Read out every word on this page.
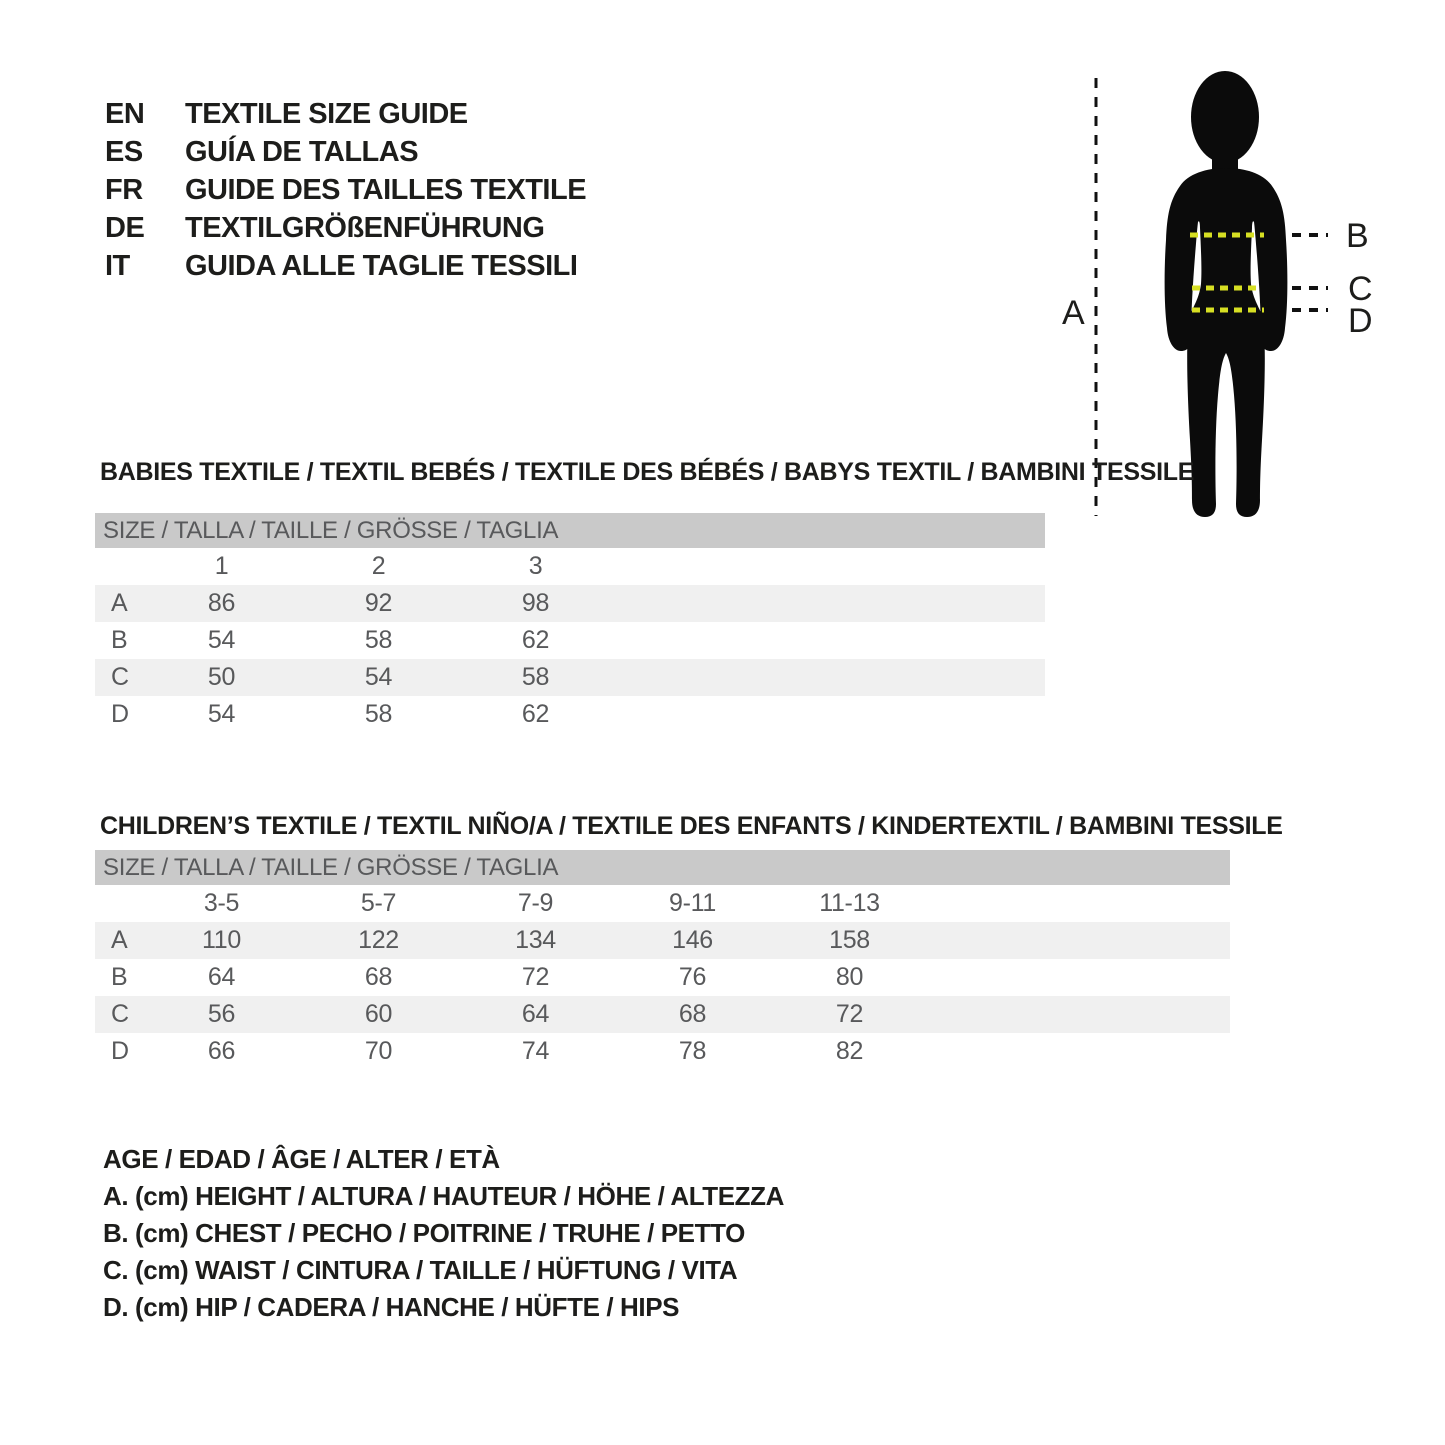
EN	TEXTILE SIZE GUIDE
ES	GUÍA DE TALLAS
FR	GUIDE DES TAILLES TEXTILE
DE	TEXTILGRÖßENFÜHRUNG
IT	GUIDA ALLE TAGLIE TESSILI
A
B
C
D
BABIES TEXTILE / TEXTIL BEBÉS / TEXTILE DES BÉBÉS / BABYS TEXTIL / BAMBINI TESSILE
SIZE / TALLA / TAILLE / GRÖSSE / TAGLIA
1	2	3
A	86	92	98
B	54	58	62
C	50	54	58
D	54	58	62
CHILDREN’S TEXTILE / TEXTIL NIÑO/A / TEXTILE DES ENFANTS / KINDERTEXTIL / BAMBINI TESSILE
SIZE / TALLA / TAILLE / GRÖSSE / TAGLIA
3-5	5-7	7-9	9-11	11-13
A	110	122	134	146	158
B	64	68	72	76	80
C	56	60	64	68	72
D	66	70	74	78	82
AGE / EDAD / ÂGE / ALTER / ETÀ
A. (cm) HEIGHT / ALTURA / HAUTEUR / HÖHE / ALTEZZA
B. (cm) CHEST / PECHO / POITRINE / TRUHE / PETTO
C. (cm) WAIST / CINTURA / TAILLE / HÜFTUNG / VITA
D. (cm) HIP / CADERA / HANCHE / HÜFTE / HIPS
